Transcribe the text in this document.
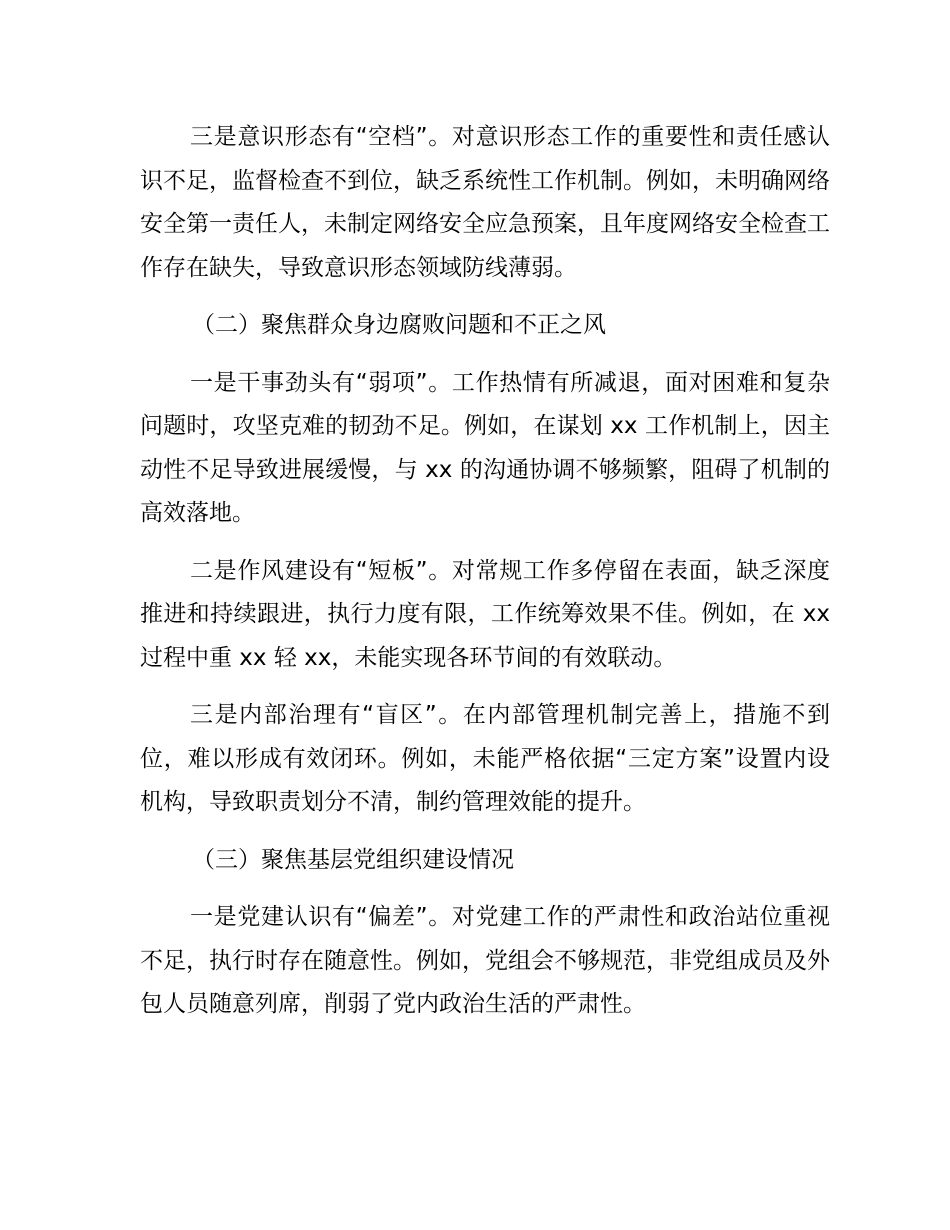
三是意识形态有“空档”。对意识形态工作的重要性和责任感认识不足，监督检查不到位，缺乏系统性工作机制。例如，未明确网络安全第一责任人，未制定网络安全应急预案，且年度网络安全检查工作存在缺失，导致意识形态领域防线薄弱。

（二）聚焦群众身边腐败问题和不正之风

一是干事劲头有“弱项”。工作热情有所减退，面对困难和复杂问题时，攻坚克难的韧劲不足。例如，在谋划 xx 工作机制上，因主动性不足导致进展缓慢，与 xx 的沟通协调不够频繁，阻碍了机制的高效落地。

二是作风建设有“短板”。对常规工作多停留在表面，缺乏深度推进和持续跟进，执行力度有限，工作统筹效果不佳。例如，在 xx 过程中重 xx 轻 xx，未能实现各环节间的有效联动。

三是内部治理有“盲区”。在内部管理机制完善上，措施不到位，难以形成有效闭环。例如，未能严格依据“三定方案”设置内设机构，导致职责划分不清，制约管理效能的提升。

（三）聚焦基层党组织建设情况

一是党建认识有“偏差”。对党建工作的严肃性和政治站位重视不足，执行时存在随意性。例如，党组会不够规范，非党组成员及外包人员随意列席，削弱了党内政治生活的严肃性。
